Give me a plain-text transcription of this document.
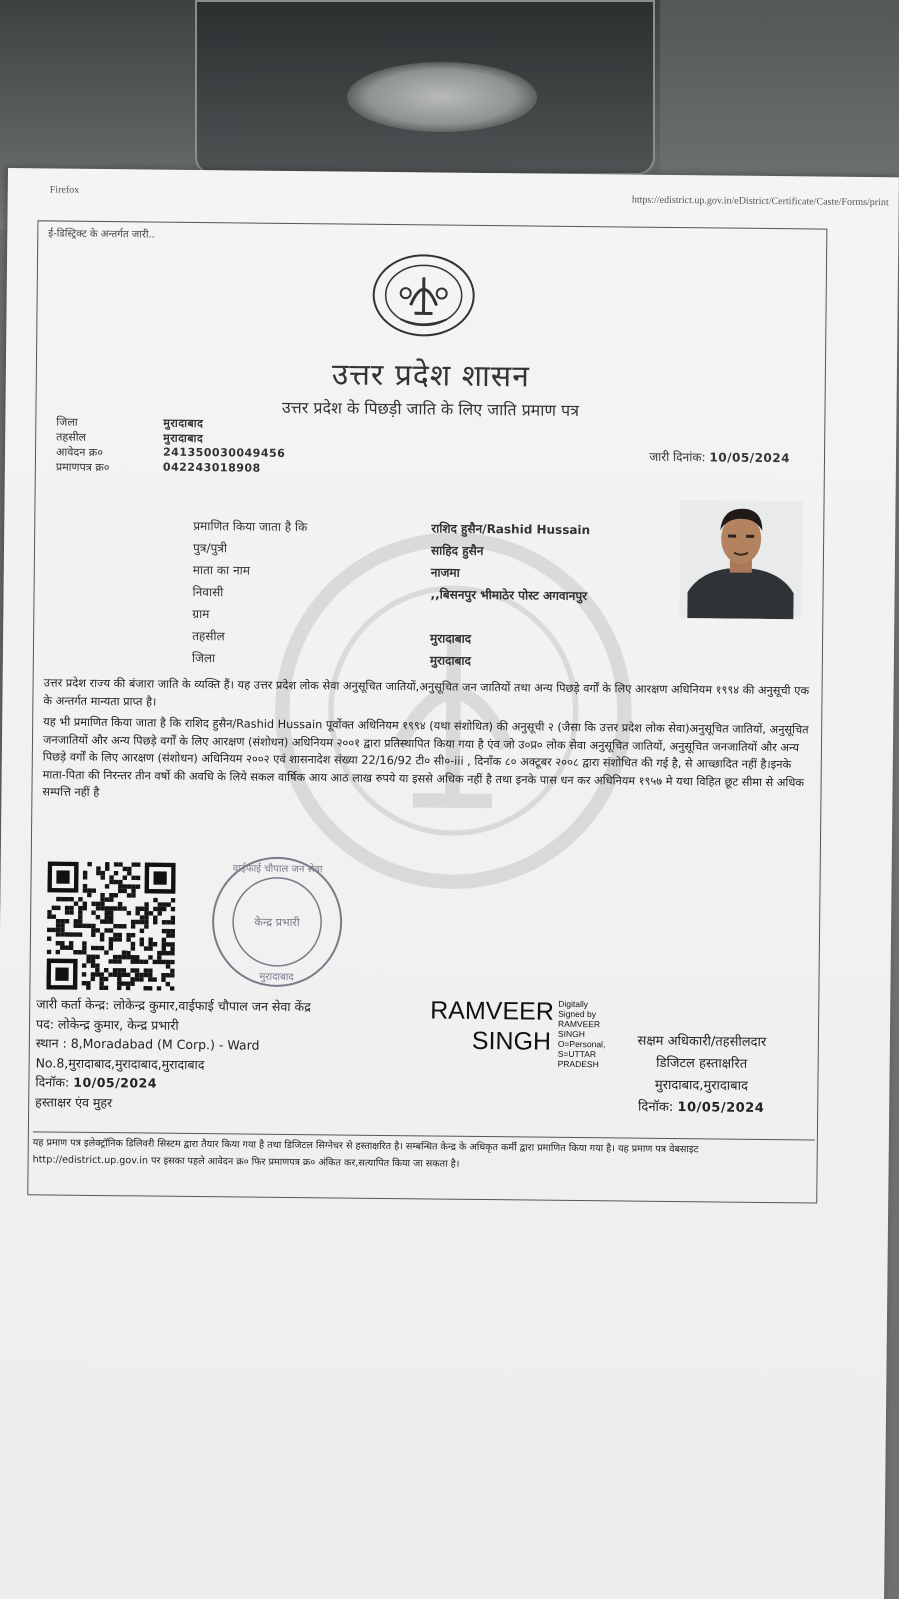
Firefox
https://edistrict.up.gov.in/eDistrict/Certificate/Caste/Forms/print
ई-डिस्ट्रिक्ट के अन्तर्गत जारी..
उत्तर प्रदेश शासन
उत्तर प्रदेश के पिछड़ी जाति के लिए जाति प्रमाण पत्र
जिला	मुरादाबाद
तहसील	मुरादाबाद
आवेदन क्र०	241350030049456
प्रमाणपत्र क्र०	042243018908
जारी दिनांक: 10/05/2024
प्रमाणित किया जाता है कि	राशिद हुसैन/Rashid Hussain
पुत्र/पुत्री	साहिद हुसैन
माता का नाम	नाजमा
निवासी	,,बिसनपुर भीमाठेर पोस्ट अगवानपुर
ग्राम
तहसील	मुरादाबाद
जिला	मुरादाबाद
उत्तर प्रदेश राज्य की बंजारा जाति के व्यक्ति हैं। यह उत्तर प्रदेश लोक सेवा अनुसूचित जातियों,अनुसूचित जन जातियों तथा अन्य पिछड़े वर्गों के लिए आरक्षण अधिनियम १९९४ की अनुसूची एक के अन्तर्गत मान्यता प्राप्त है।
यह भी प्रमाणित किया जाता है कि राशिद हुसैन/Rashid Hussain पूर्वोक्त अधिनियम १९९४ (यथा संशोधित) की अनुसूची २ (जैसा कि उत्तर प्रदेश लोक सेवा)अनुसूचित जातियों, अनुसूचित जनजातियों और अन्य पिछड़े वर्गों के लिए आरक्षण (संशोधन) अधिनियम २००१ द्वारा प्रतिस्थापित किया गया है एंव जो उ०प्र० लोक सेवा अनुसूचित जातियों, अनुसूचित जनजातियों और अन्य पिछड़े वर्गों के लिए आरक्षण (संशोधन) अधिनियम २००२ एवं शासनादेश संख्या 22/16/92 टी० सी०-iii , दिनाँक ८० अक्टूबर २००८ द्वारा संशोधित की गई है, से आच्छादित नहीं है।इनके माता-पिता की निरन्तर तीन वर्षो की अवधि के लिये सकल वार्षिक आय आठ लाख रुपये या इससे अधिक नहीं है तथा इनके पास धन कर अधिनियम १९५७ मे यथा विहित छूट सीमा से अधिक सम्पत्ति नहीं है
वाईफाई चौपाल जन सेवा
केन्द्र प्रभारी
मुरादाबाद
जारी कर्ता केन्द्र: लोकेन्द्र कुमार,वाईफाई चौपाल जन सेवा केंद्र
पद: लोकेन्द्र कुमार, केन्द्र प्रभारी
स्थान : 8,Moradabad (M Corp.) - Ward
No.8,मुरादाबाद,मुरादाबाद,मुरादाबाद
दिनॉक: 10/05/2024
हस्ताक्षर एंव मुहर
RAMVEER
SINGH
Digitally
Signed by
RAMVEER
SINGH
O=Personal,
S=UTTAR
PRADESH
सक्षम अधिकारी/तहसीलदार
डिजिटल हस्ताक्षरित
मुरादाबाद,मुरादाबाद
दिनॉक: 10/05/2024
यह प्रमाण पत्र इलेक्ट्रॉनिक डिलिवरी सिस्टम द्वारा तैयार किया गया है तथा डिजिटल सिग्नेचर से हस्ताक्षरित है। सम्बन्धित केन्द्र के अधिकृत कर्मी द्वारा प्रमाणित किया गया है। यह प्रमाण पत्र वेबसाइट http://edistrict.up.gov.in पर इसका पहले आवेदन क्र० फिर प्रमाणपत्र क्र० अंकित कर,सत्यापित किया जा सकता है।
